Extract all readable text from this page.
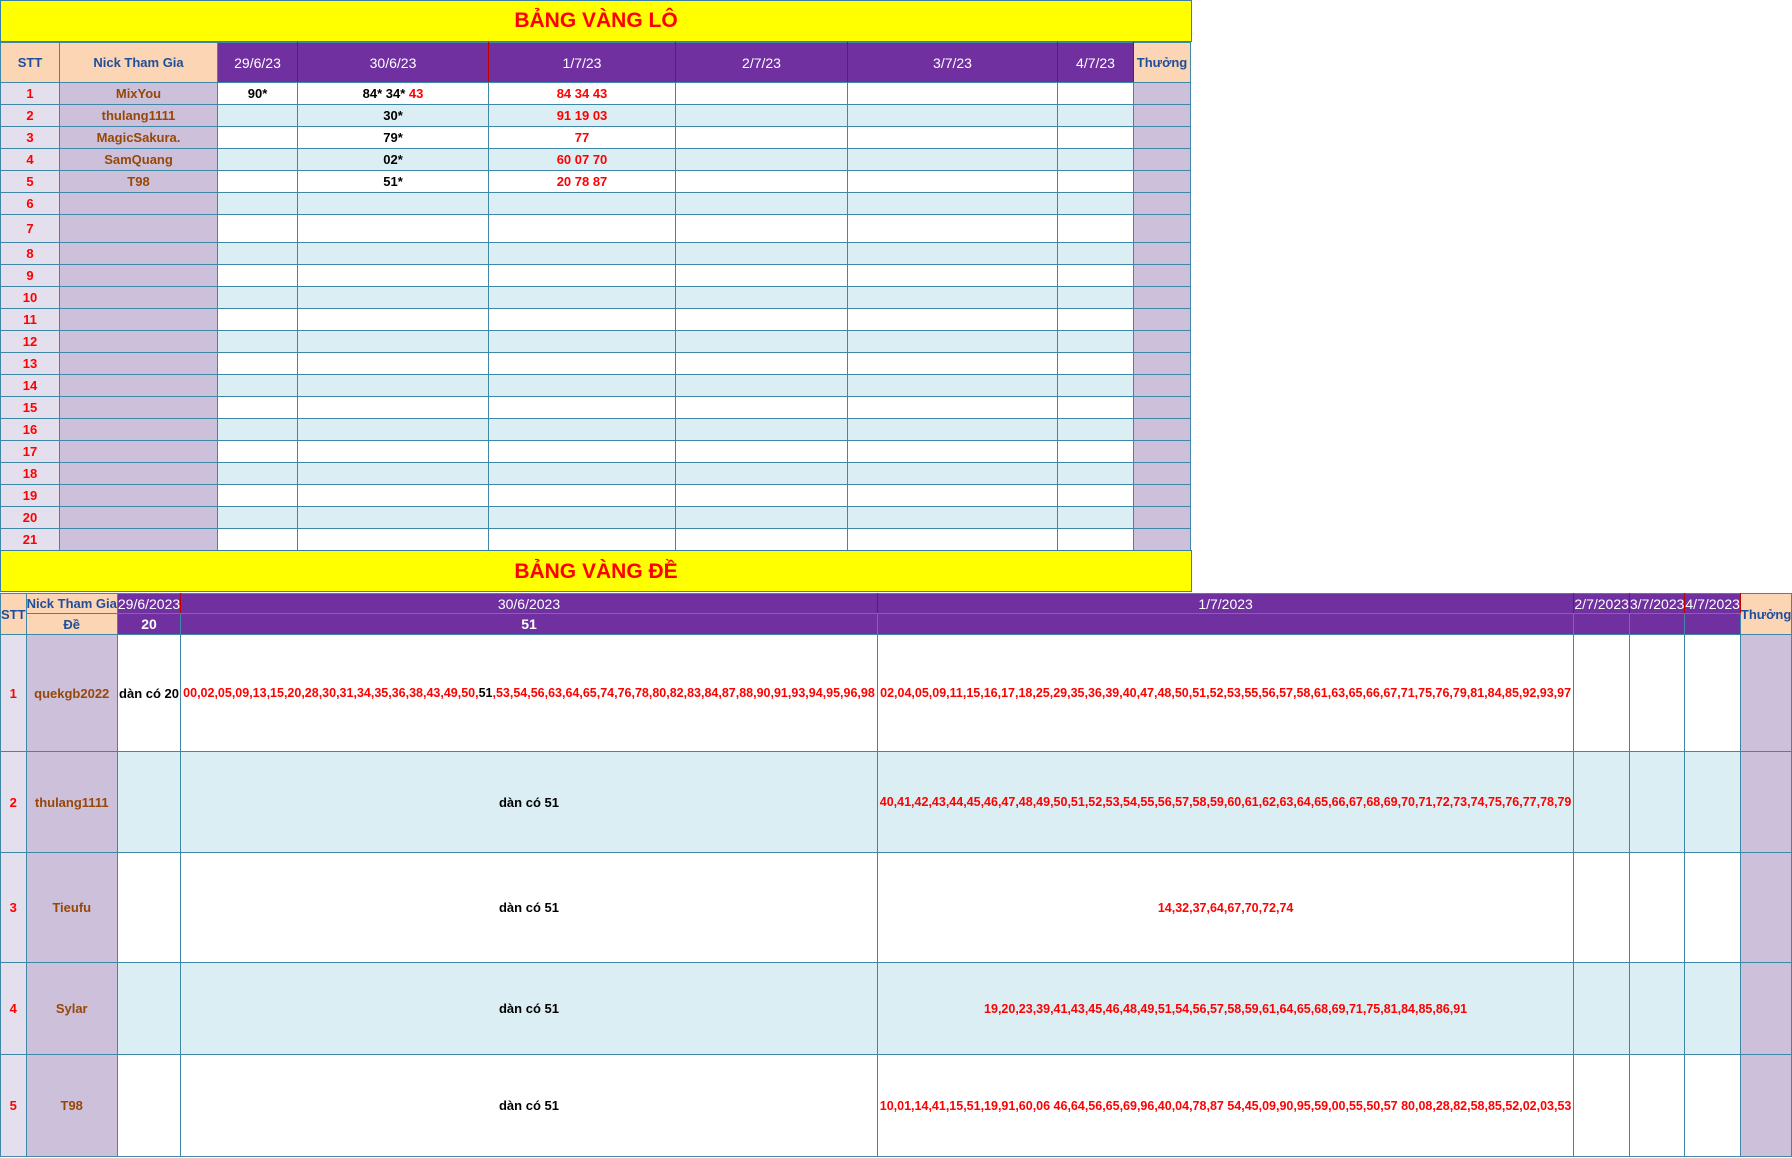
BẢNG VÀNG LÔ
STT	Nick Tham Gia	29/6/23	30/6/23	1/7/23	2/7/23	3/7/23	4/7/23	Thưởng
1	MixYou	90*	84* 34* 43	84 34 43				
2	thulang1111		30*	91 19 03				
3	MagicSakura.		79*	77				
4	SamQuang		02*	60 07 70				
5	T98		51*	20 78 87				
6								
7								
8								
9								
10								
11								
12								
13								
14								
15								
16								
17								
18								
19								
20								
21								
BẢNG VÀNG ĐỀ
STT	Nick Tham Gia	29/6/2023	30/6/2023	1/7/2023	2/7/2023	3/7/2023	4/7/2023	Thưởng
	Đề	20	51					
1	quekgb2022	dàn có 20	00,02,05,09,13,15,20,28,30,31,34,35,36,38,43,49,50,51,53,54,56,63,64,65,74,76,78,80,82,83,84,87,88,90,91,93,94,95,96,98	02,04,05,09,11,15,16,17,18,25,29,35,36,39,40,47,48,50,51,52,53,55,56,57,58,61,63,65,66,67,71,75,76,79,81,84,85,92,93,97				
2	thulang1111		dàn có 51	40,41,42,43,44,45,46,47,48,49,50,51,52,53,54,55,56,57,58,59,60,61,62,63,64,65,66,67,68,69,70,71,72,73,74,75,76,77,78,79				
3	Tieufu		dàn có 51	14,32,37,64,67,70,72,74				
4	Sylar		dàn có 51	19,20,23,39,41,43,45,46,48,49,51,54,56,57,58,59,61,64,65,68,69,71,75,81,84,85,86,91				
5	T98		dàn có 51	10,01,14,41,15,51,19,91,60,06 46,64,56,65,69,96,40,04,78,87 54,45,09,90,95,59,00,55,50,57 80,08,28,82,58,85,52,02,03,53				
